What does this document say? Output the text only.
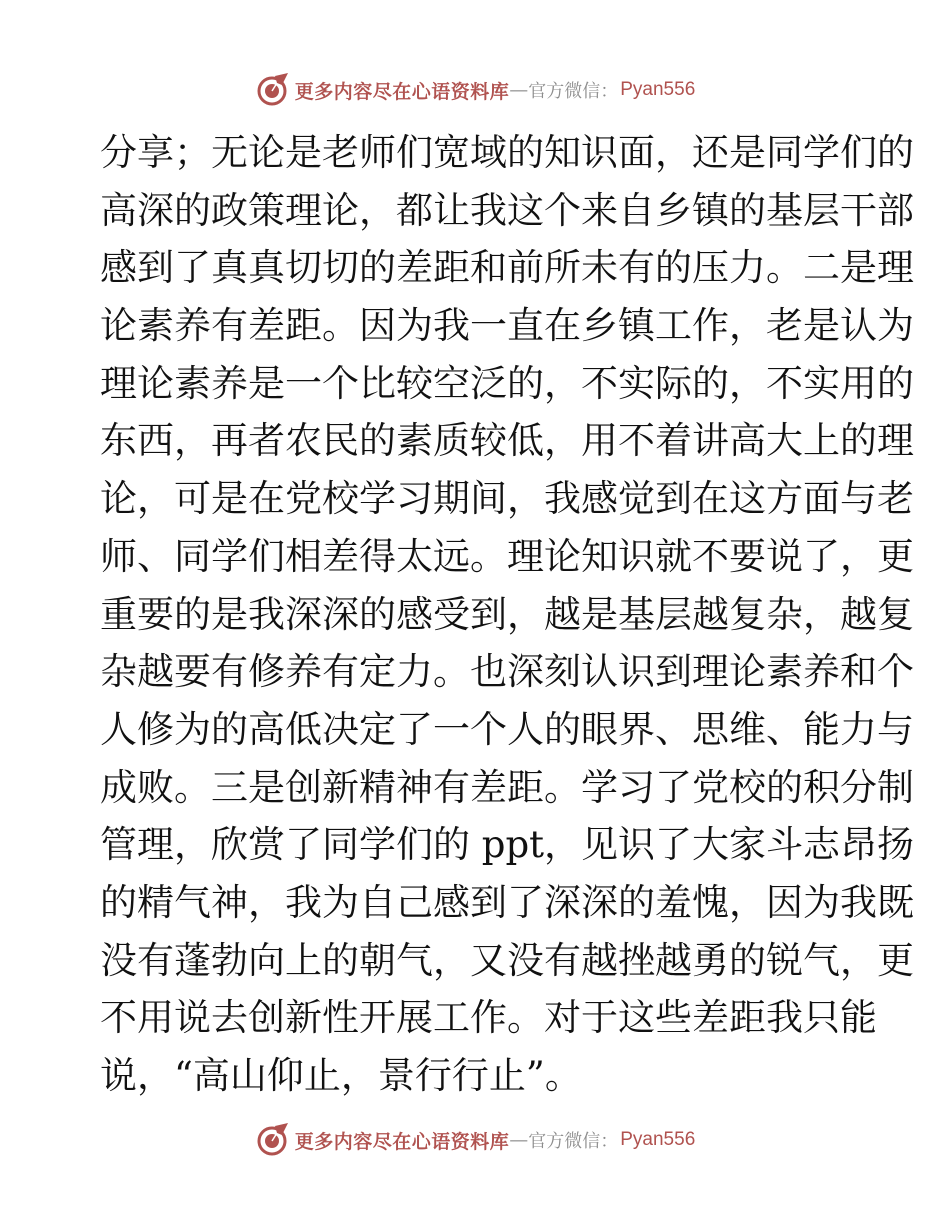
更多内容尽在心语资料库 — 官方微信： Pyan556
分享；无论是老师们宽域的知识面，还是同学们的
高深的政策理论，都让我这个来自乡镇的基层干部
感到了真真切切的差距和前所未有的压力。二是理
论素养有差距。因为我一直在乡镇工作，老是认为
理论素养是一个比较空泛的，不实际的，不实用的
东西，再者农民的素质较低，用不着讲高大上的理
论，可是在党校学习期间，我感觉到在这方面与老
师、同学们相差得太远。理论知识就不要说了，更
重要的是我深深的感受到，越是基层越复杂，越复
杂越要有修养有定力。也深刻认识到理论素养和个
人修为的高低决定了一个人的眼界、思维、能力与
成败。三是创新精神有差距。学习了党校的积分制
管理，欣赏了同学们的 ppt，见识了大家斗志昂扬
的精气神，我为自己感到了深深的羞愧，因为我既
没有蓬勃向上的朝气，又没有越挫越勇的锐气，更
不用说去创新性开展工作。对于这些差距我只能
说，“高山仰止，景行行止”。
更多内容尽在心语资料库 — 官方微信： Pyan556
